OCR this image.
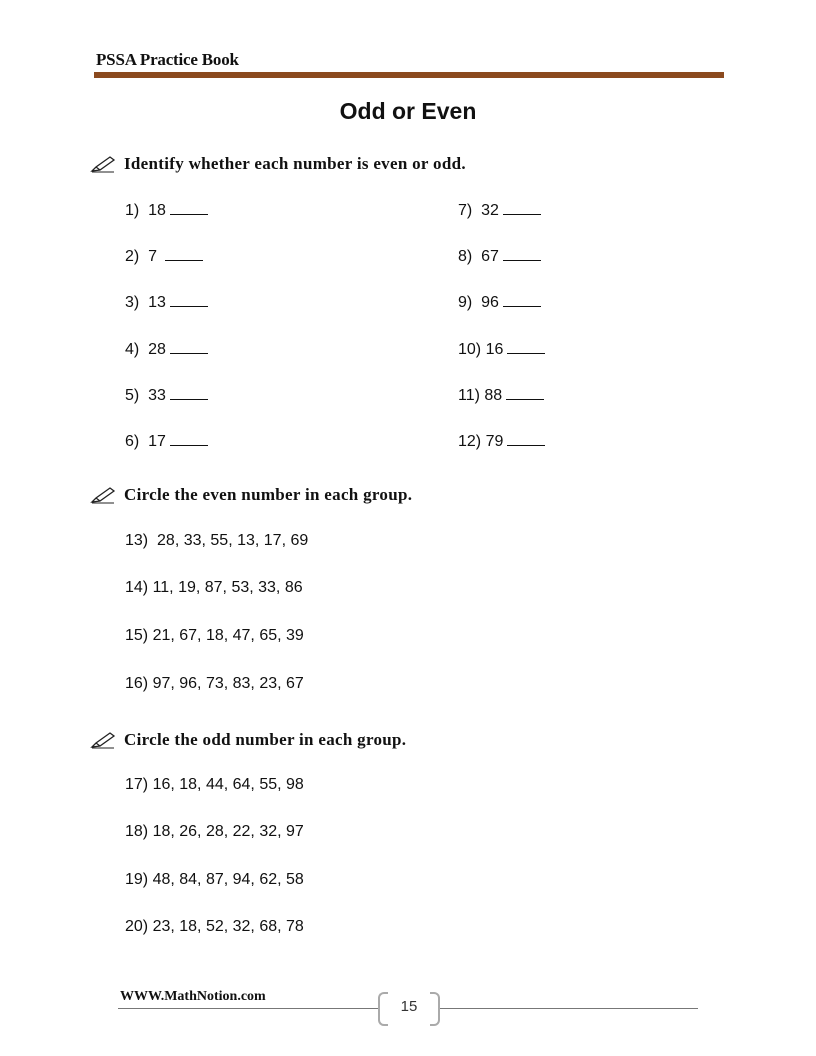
PSSA Practice Book
Odd or Even
Identify whether each number is even or odd.
1)  18
2)  7
3)  13
4)  28
5)  33
6)  17
7)  32
8)  67
9)  96
10) 16
11) 88
12) 79
Circle the even number in each group.
13)  28, 33, 55, 13, 17, 69
14) 11, 19, 87, 53, 33, 86
15) 21, 67, 18, 47, 65, 39
16) 97, 96, 73, 83, 23, 67
Circle the odd number in each group.
17) 16, 18, 44, 64, 55, 98
18) 18, 26, 28, 22, 32, 97
19) 48, 84, 87, 94, 62, 58
20) 23, 18, 52, 32, 68, 78
WWW.MathNotion.com
15
